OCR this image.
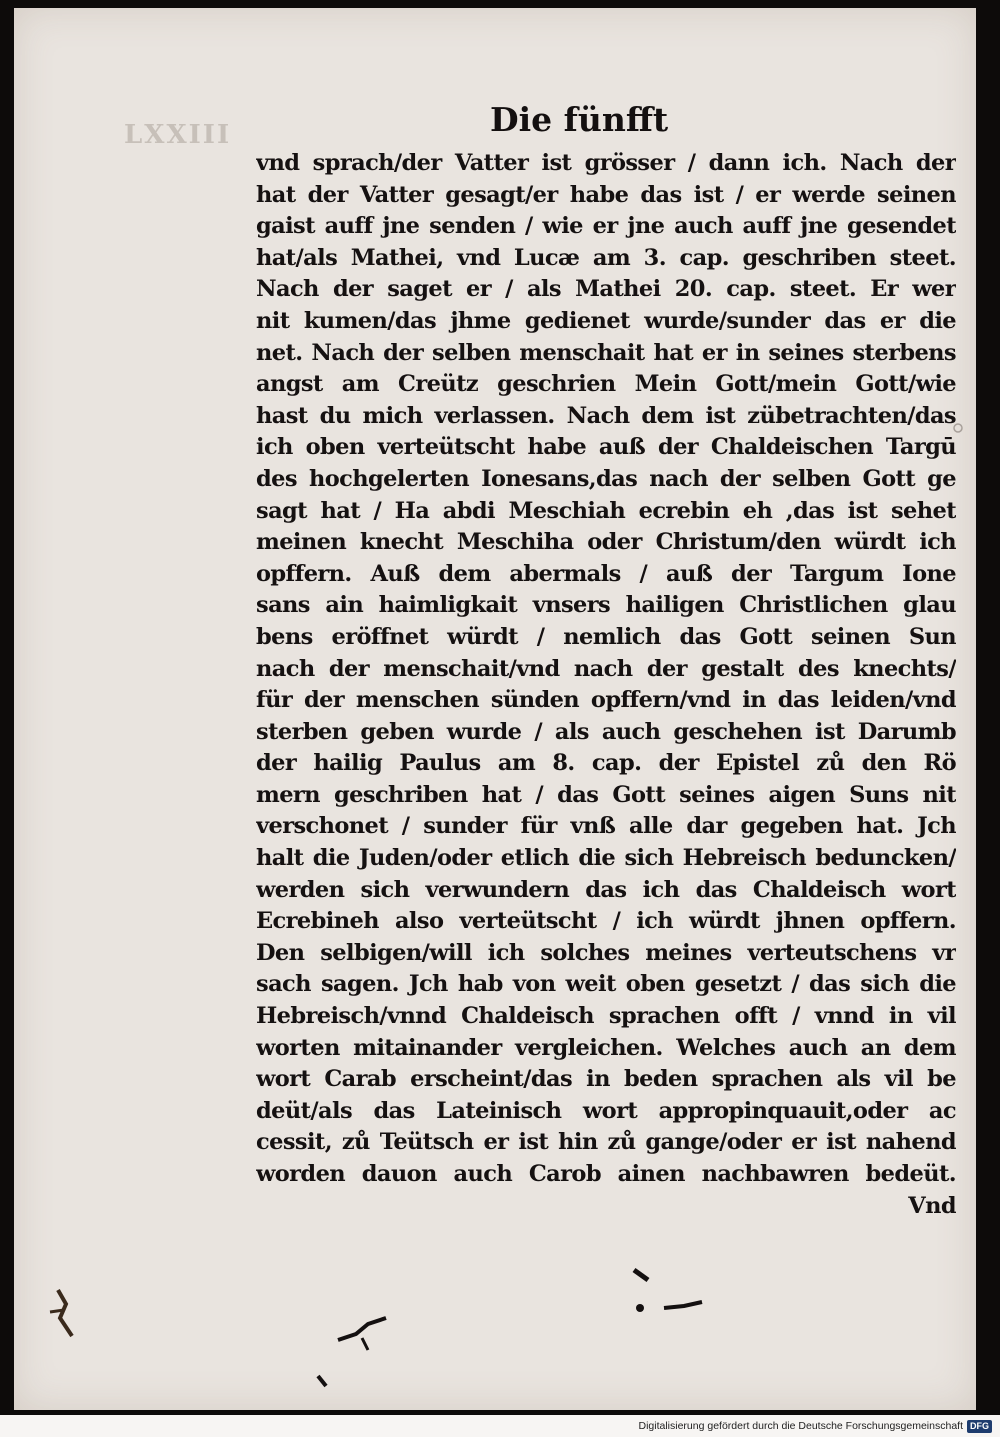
LXXIII	Die fünfft
vnd sprach/der Vatter ist grösser / dann ich. Nach der
hat der Vatter gesagt/er habe das ist / er werde seinen
gaist auff jne senden / wie er jne auch auff jne gesendet
hat/als Mathei, vnd Lucæ am 3. cap. geschriben steet.
Nach der saget er / als Mathei 20. cap. steet. Er wer
nit kumen/das jhme gedienet wurde/sunder das er die
net. Nach der selben menschait hat er in seines sterbens
angst am Creütz geschrien Mein Gott/mein Gott/wie
hast du mich verlassen. Nach dem ist zübetrachten/das
ich oben verteütscht habe auß der Chaldeischen Targū
des hochgelerten Ionesans,das nach der selben Gott ge
sagt hat / Ha abdi Meschiah ecrebin eh ,das ist sehet
meinen knecht Meschiha oder Christum/den würdt ich
opffern. Auß dem abermals / auß der Targum Ione
sans ain haimligkait vnsers hailigen Christlichen glau
bens eröffnet würdt / nemlich das Gott seinen Sun
nach der menschait/vnd nach der gestalt des knechts/
für der menschen sünden opffern/vnd in das leiden/vnd
sterben geben wurde / als auch geschehen ist Darumb
der hailig Paulus am 8. cap. der Epistel zů den Rö
mern geschriben hat / das Gott seines aigen Suns nit
verschonet / sunder für vnß alle dar gegeben hat. Jch
halt die Juden/oder etlich die sich Hebreisch beduncken/
werden sich verwundern das ich das Chaldeisch wort
Ecrebineh also verteütscht / ich würdt jhnen opffern.
Den selbigen/will ich solches meines verteutschens vr
sach sagen. Jch hab von weit oben gesetzt / das sich die
Hebreisch/vnnd Chaldeisch sprachen offt / vnnd in vil
worten mitainander vergleichen. Welches auch an dem
wort Carab erscheint/das in beden sprachen als vil be
deüt/als das Lateinisch wort appropinquauit,oder ac
cessit, zů Teütsch er ist hin zů gange/oder er ist nahend
worden dauon auch Carob ainen nachbawren bedeüt.
Vnd
Digitalisierung gefördert durch die Deutsche Forschungsgemeinschaft DFG
